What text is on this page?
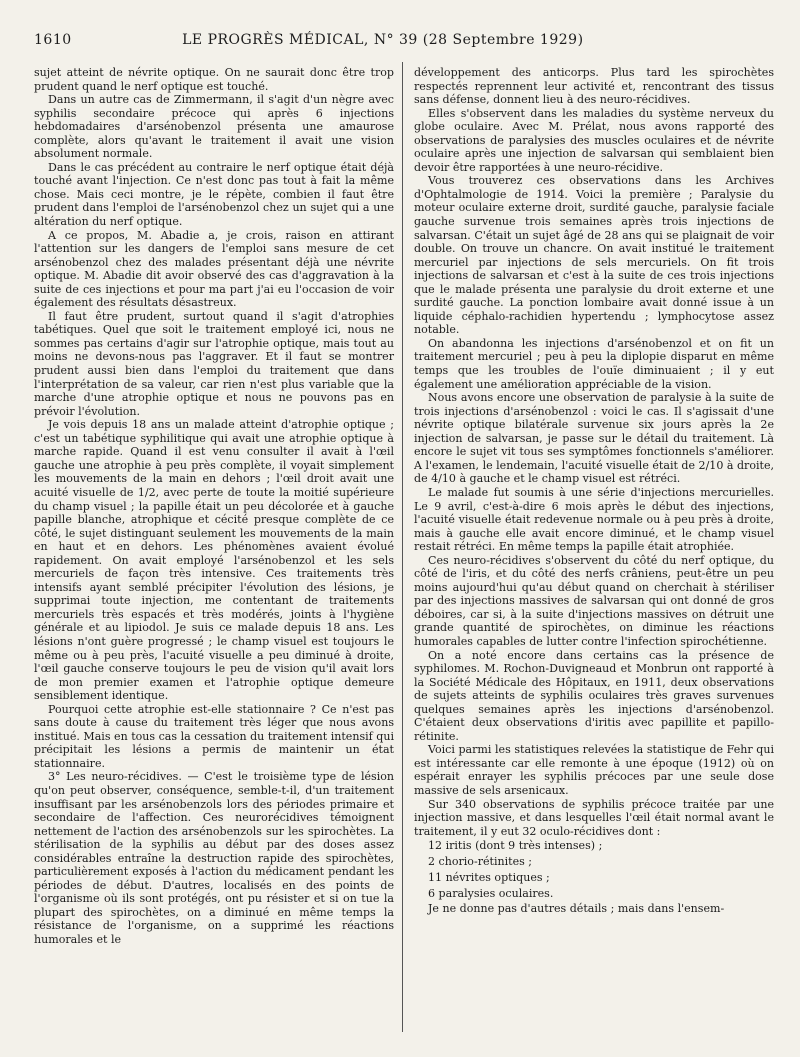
1610	LE PROGRÈS MÉDICAL, N° 39 (28 Septembre 1929)

sujet atteint de névrite optique. On ne saurait donc être trop prudent quand le nerf optique est touché.

Dans un autre cas de Zimmermann, il s'agit d'un nègre avec syphilis secondaire précoce qui après 6 injections hebdomadaires d'arsénobenzol présenta une amaurose complète, alors qu'avant le traitement il avait une vision absolument normale.

Dans le cas précédent au contraire le nerf optique était déjà touché avant l'injection. Ce n'est donc pas tout à fait la même chose. Mais ceci montre, je le répète, combien il faut être prudent dans l'emploi de l'arsénobenzol chez un sujet qui a une altération du nerf optique.

A ce propos, M. Abadie a, je crois, raison en attirant l'attention sur les dangers de l'emploi sans mesure de cet arsénobenzol chez des malades présentant déjà une névrite optique. M. Abadie dit avoir observé des cas d'aggravation à la suite de ces injections et pour ma part j'ai eu l'occasion de voir également des résultats désastreux.

Il faut être prudent, surtout quand il s'agit d'atrophies tabétiques. Quel que soit le traitement employé ici, nous ne sommes pas certains d'agir sur l'atrophie optique, mais tout au moins ne devons-nous pas l'aggraver. Et il faut se montrer prudent aussi bien dans l'emploi du traitement que dans l'interprétation de sa valeur, car rien n'est plus variable que la marche d'une atrophie optique et nous ne pouvons pas en prévoir l'évolution.

Je vois depuis 18 ans un malade atteint d'atrophie optique ; c'est un tabétique syphilitique qui avait une atrophie optique à marche rapide. Quand il est venu consulter il avait à l'œil gauche une atrophie à peu près complète, il voyait simplement les mouvements de la main en dehors ; l'œil droit avait une acuité visuelle de 1/2, avec perte de toute la moitié supérieure du champ visuel ; la papille était un peu décolorée et à gauche papille blanche, atrophique et cécité presque complète de ce côté, le sujet distinguant seulement les mouvements de la main en haut et en dehors. Les phénomènes avaient évolué rapidement. On avait employé l'arsénobenzol et les sels mercuriels de façon très intensive. Ces traitements très intensifs ayant semblé précipiter l'évolution des lésions, je supprimai toute injection, me contentant de traitements mercuriels très espacés et très modérés, joints à l'hygiène générale et au lipiodol. Je suis ce malade depuis 18 ans. Les lésions n'ont guère progressé ; le champ visuel est toujours le même ou à peu près, l'acuité visuelle a peu diminué à droite, l'œil gauche conserve toujours le peu de vision qu'il avait lors de mon premier examen et l'atrophie optique demeure sensiblement identique.

Pourquoi cette atrophie est-elle stationnaire ? Ce n'est pas sans doute à cause du traitement très léger que nous avons institué. Mais en tous cas la cessation du traitement intensif qui précipitait les lésions a permis de maintenir un état stationnaire.

3° Les neuro-récidives. — C'est le troisième type de lésion qu'on peut observer, conséquence, semble-t-il, d'un traitement insuffisant par les arsénobenzols lors des périodes primaire et secondaire de l'affection. Ces neurorécidives témoignent nettement de l'action des arsénobenzols sur les spirochètes. La stérilisation de la syphilis au début par des doses assez considérables entraîne la destruction rapide des spirochètes, particulièrement exposés à l'action du médicament pendant les périodes de début. D'autres, localisés en des points de l'organisme où ils sont protégés, ont pu résister et si on tue la plupart des spirochètes, on a diminué en même temps la résistance de l'organisme, on a supprimé les réactions humorales et le

développement des anticorps. Plus tard les spirochètes respectés reprennent leur activité et, rencontrant des tissus sans défense, donnent lieu à des neuro-récidives.

Elles s'observent dans les maladies du système nerveux du globe oculaire. Avec M. Prélat, nous avons rapporté des observations de paralysies des muscles oculaires et de névrite oculaire après une injection de salvarsan qui semblaient bien devoir être rapportées à une neuro-récidive.

Vous trouverez ces observations dans les Archives d'Ophtalmologie de 1914. Voici la première ; Paralysie du moteur oculaire externe droit, surdité gauche, paralysie faciale gauche survenue trois semaines après trois injections de salvarsan. C'était un sujet âgé de 28 ans qui se plaignait de voir double. On trouve un chancre. On avait institué le traitement mercuriel par injections de sels mercuriels. On fit trois injections de salvarsan et c'est à la suite de ces trois injections que le malade présenta une paralysie du droit externe et une surdité gauche. La ponction lombaire avait donné issue à un liquide céphalo-rachidien hypertendu ; lymphocytose assez notable.

On abandonna les injections d'arsénobenzol et on fit un traitement mercuriel ; peu à peu la diplopie disparut en même temps que les troubles de l'ouïe diminuaient ; il y eut également une amélioration appréciable de la vision.

Nous avons encore une observation de paralysie à la suite de trois injections d'arsénobenzol : voici le cas. Il s'agissait d'une névrite optique bilatérale survenue six jours après la 2e injection de salvarsan, je passe sur le détail du traitement. Là encore le sujet vit tous ses symptômes fonctionnels s'améliorer. A l'examen, le lendemain, l'acuité visuelle était de 2/10 à droite, de 4/10 à gauche et le champ visuel est rétréci.

Le malade fut soumis à une série d'injections mercurielles. Le 9 avril, c'est-à-dire 6 mois après le début des injections, l'acuité visuelle était redevenue normale ou à peu près à droite, mais à gauche elle avait encore diminué, et le champ visuel restait rétréci. En même temps la papille était atrophiée.

Ces neuro-récidives s'observent du côté du nerf optique, du côté de l'iris, et du côté des nerfs crâniens, peut-être un peu moins aujourd'hui qu'au début quand on cherchait à stériliser par des injections massives de salvarsan qui ont donné de gros déboires, car si, à la suite d'injections massives on détruit une grande quantité de spirochètes, on diminue les réactions humorales capables de lutter contre l'infection spirochétienne.

On a noté encore dans certains cas la présence de syphilomes. M. Rochon-Duvigneaud et Monbrun ont rapporté à la Société Médicale des Hôpitaux, en 1911, deux observations de sujets atteints de syphilis oculaires très graves survenues quelques semaines après les injections d'arsénobenzol. C'étaient deux observations d'iritis avec papillite et papillo-rétinite.

Voici parmi les statistiques relevées la statistique de Fehr qui est intéressante car elle remonte à une époque (1912) où on espérait enrayer les syphilis précoces par une seule dose massive de sels arsenicaux.

Sur 340 observations de syphilis précoce traitée par une injection massive, et dans lesquelles l'œil était normal avant le traitement, il y eut 32 oculo-récidives dont :

12 iritis (dont 9 très intenses) ;

2 chorio-rétinites ;

11 névrites optiques ;

6 paralysies oculaires.

Je ne donne pas d'autres détails ; mais dans l'ensem-
